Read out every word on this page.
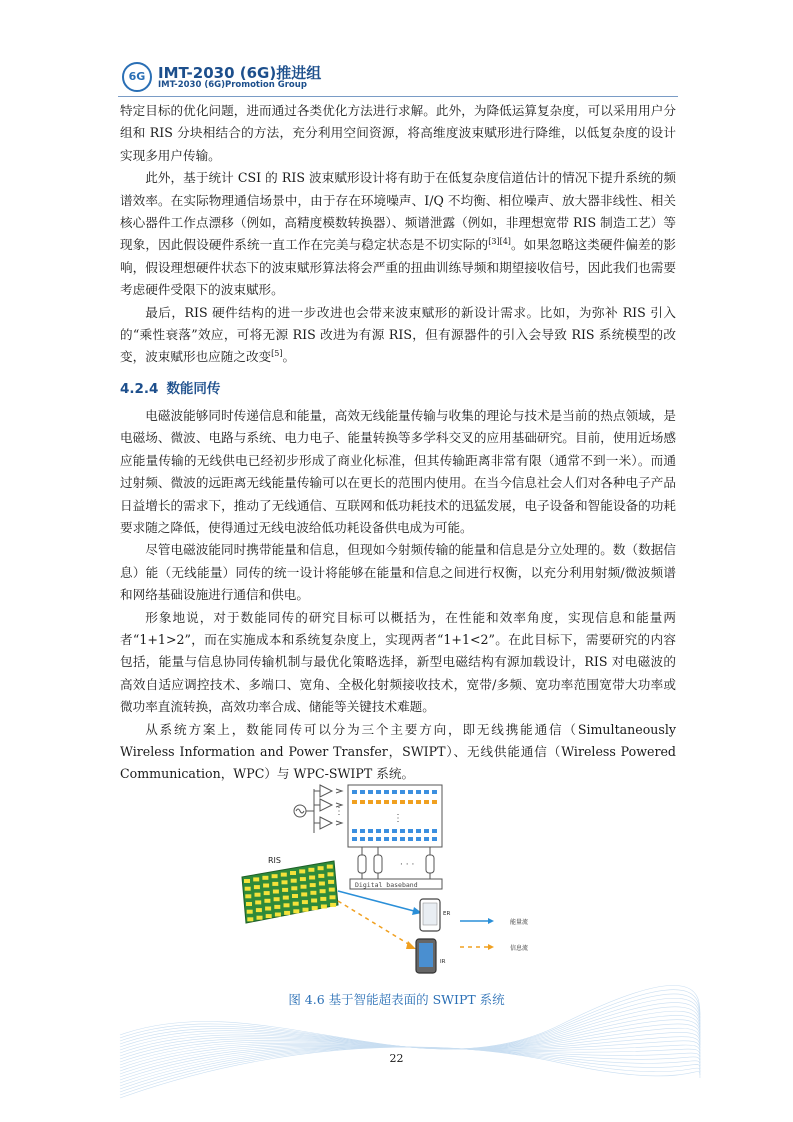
6G IMT-2030 (6G)推进组
IMT-2030 (6G)Promotion Group

特定目标的优化问题，进而通过各类优化方法进行求解。此外，为降低运算复杂度，可以采用用户分组和 RIS 分块相结合的方法，充分利用空间资源，将高维度波束赋形进行降维，以低复杂度的设计实现多用户传输。

此外，基于统计 CSI 的 RIS 波束赋形设计将有助于在低复杂度信道估计的情况下提升系统的频谱效率。在实际物理通信场景中，由于存在环境噪声、I/Q 不均衡、相位噪声、放大器非线性、相关核心器件工作点漂移（例如，高精度模数转换器）、频谱泄露（例如，非理想宽带 RIS 制造工艺）等现象，因此假设硬件系统一直工作在完美与稳定状态是不切实际的[3][4]。如果忽略这类硬件偏差的影响，假设理想硬件状态下的波束赋形算法将会严重的扭曲训练导频和期望接收信号，因此我们也需要考虑硬件受限下的波束赋形。

最后，RIS 硬件结构的进一步改进也会带来波束赋形的新设计需求。比如，为弥补 RIS 引入的“乘性衰落”效应，可将无源 RIS 改进为有源 RIS，但有源器件的引入会导致 RIS 系统模型的改变，波束赋形也应随之改变[5]。

4.2.4 数能同传

电磁波能够同时传递信息和能量，高效无线能量传输与收集的理论与技术是当前的热点领域，是电磁场、微波、电路与系统、电力电子、能量转换等多学科交叉的应用基础研究。目前，使用近场感应能量传输的无线供电已经初步形成了商业化标准，但其传输距离非常有限（通常不到一米）。而通过射频、微波的远距离无线能量传输可以在更长的范围内使用。在当今信息社会人们对各种电子产品日益增长的需求下，推动了无线通信、互联网和低功耗技术的迅猛发展，电子设备和智能设备的功耗要求随之降低，使得通过无线电波给低功耗设备供电成为可能。

尽管电磁波能同时携带能量和信息，但现如今射频传输的能量和信息是分立处理的。数（数据信息）能（无线能量）同传的统一设计将能够在能量和信息之间进行权衡，以充分利用射频/微波频谱和网络基础设施进行通信和供电。

形象地说，对于数能同传的研究目标可以概括为，在性能和效率角度，实现信息和能量两者“1+1>2”，而在实施成本和系统复杂度上，实现两者“1+1<2”。在此目标下，需要研究的内容包括，能量与信息协同传输机制与最优化策略选择，新型电磁结构有源加载设计，RIS 对电磁波的高效自适应调控技术、多端口、宽角、全极化射频接收技术，宽带/多频、宽功率范围宽带大功率或微功率直流转换，高效功率合成、储能等关键技术难题。

从系统方案上，数能同传可以分为三个主要方向，即无线携能通信（Simultaneously Wireless Information and Power Transfer，SWIPT）、无线供能通信（Wireless Powered Communication，WPC）与 WPC-SWIPT 系统。

⋮
⋮
· · ·
Digital baseband
RIS
ER
IR
能量流
信息流
图 4.6 基于智能超表面的 SWIPT 系统
22
